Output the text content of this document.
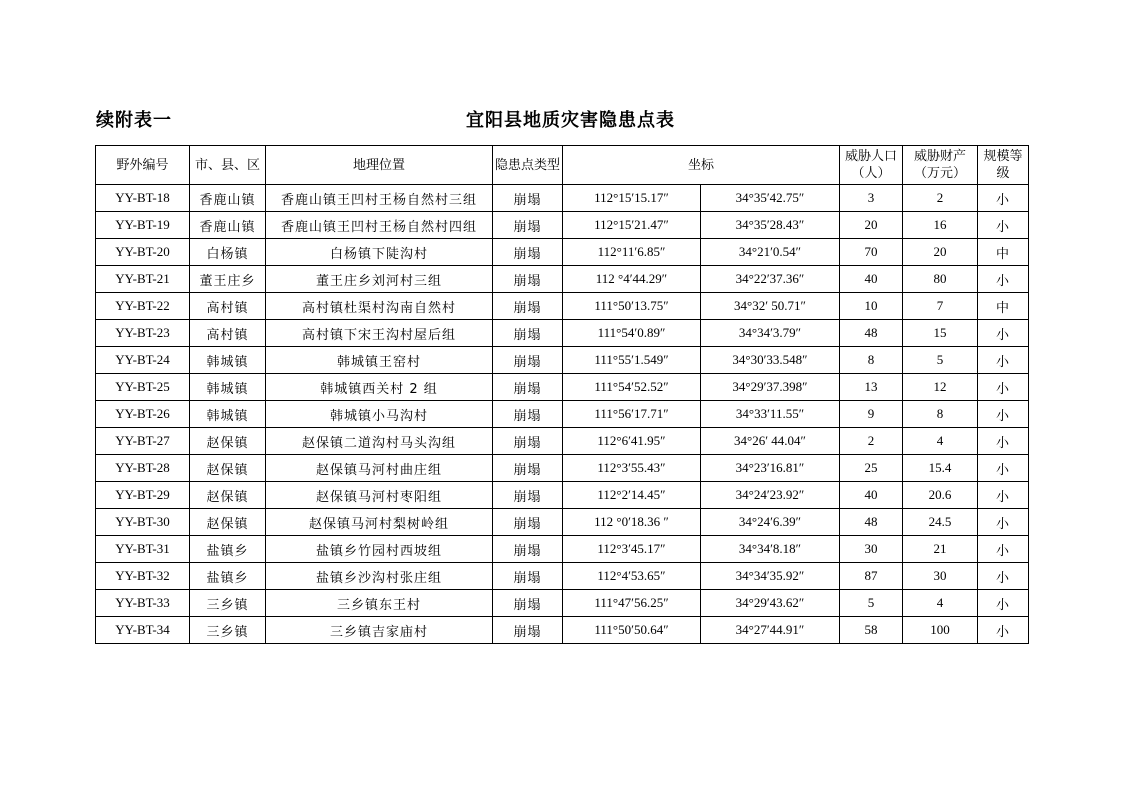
续附表一	宜阳县地质灾害隐患点表
野外编号	市、县、区	地理位置	隐患点类型	坐标		威胁人口（人）	威胁财产（万元）	规模等级
YY-BT-18	香鹿山镇	香鹿山镇王凹村王杨自然村三组	崩塌	112°15′15.17″	34°35′42.75″	3	2	小
YY-BT-19	香鹿山镇	香鹿山镇王凹村王杨自然村四组	崩塌	112°15′21.47″	34°35′28.43″	20	16	小
YY-BT-20	白杨镇	白杨镇下陡沟村	崩塌	112°11′6.85″	34°21′0.54″	70	20	中
YY-BT-21	董王庄乡	董王庄乡刘河村三组	崩塌	112 °4′44.29″	34°22′37.36″	40	80	小
YY-BT-22	高村镇	高村镇杜渠村沟南自然村	崩塌	111°50′13.75″	34°32′ 50.71″	10	7	中
YY-BT-23	高村镇	高村镇下宋王沟村屋后组	崩塌	111°54′0.89″	34°34′3.79″	48	15	小
YY-BT-24	韩城镇	韩城镇王窑村	崩塌	111°55′1.549″	34°30′33.548″	8	5	小
YY-BT-25	韩城镇	韩城镇西关村 2 组	崩塌	111°54′52.52″	34°29′37.398″	13	12	小
YY-BT-26	韩城镇	韩城镇小马沟村	崩塌	111°56′17.71″	34°33′11.55″	9	8	小
YY-BT-27	赵保镇	赵保镇二道沟村马头沟组	崩塌	112°6′41.95″	34°26′ 44.04″	2	4	小
YY-BT-28	赵保镇	赵保镇马河村曲庄组	崩塌	112°3′55.43″	34°23′16.81″	25	15.4	小
YY-BT-29	赵保镇	赵保镇马河村枣阳组	崩塌	112°2′14.45″	34°24′23.92″	40	20.6	小
YY-BT-30	赵保镇	赵保镇马河村梨树岭组	崩塌	112 °0′18.36 ″	34°24′6.39″	48	24.5	小
YY-BT-31	盐镇乡	盐镇乡竹园村西坡组	崩塌	112°3′45.17″	34°34′8.18″	30	21	小
YY-BT-32	盐镇乡	盐镇乡沙沟村张庄组	崩塌	112°4′53.65″	34°34′35.92″	87	30	小
YY-BT-33	三乡镇	三乡镇东王村	崩塌	111°47′56.25″	34°29′43.62″	5	4	小
YY-BT-34	三乡镇	三乡镇吉家庙村	崩塌	111°50′50.64″	34°27′44.91″	58	100	小
